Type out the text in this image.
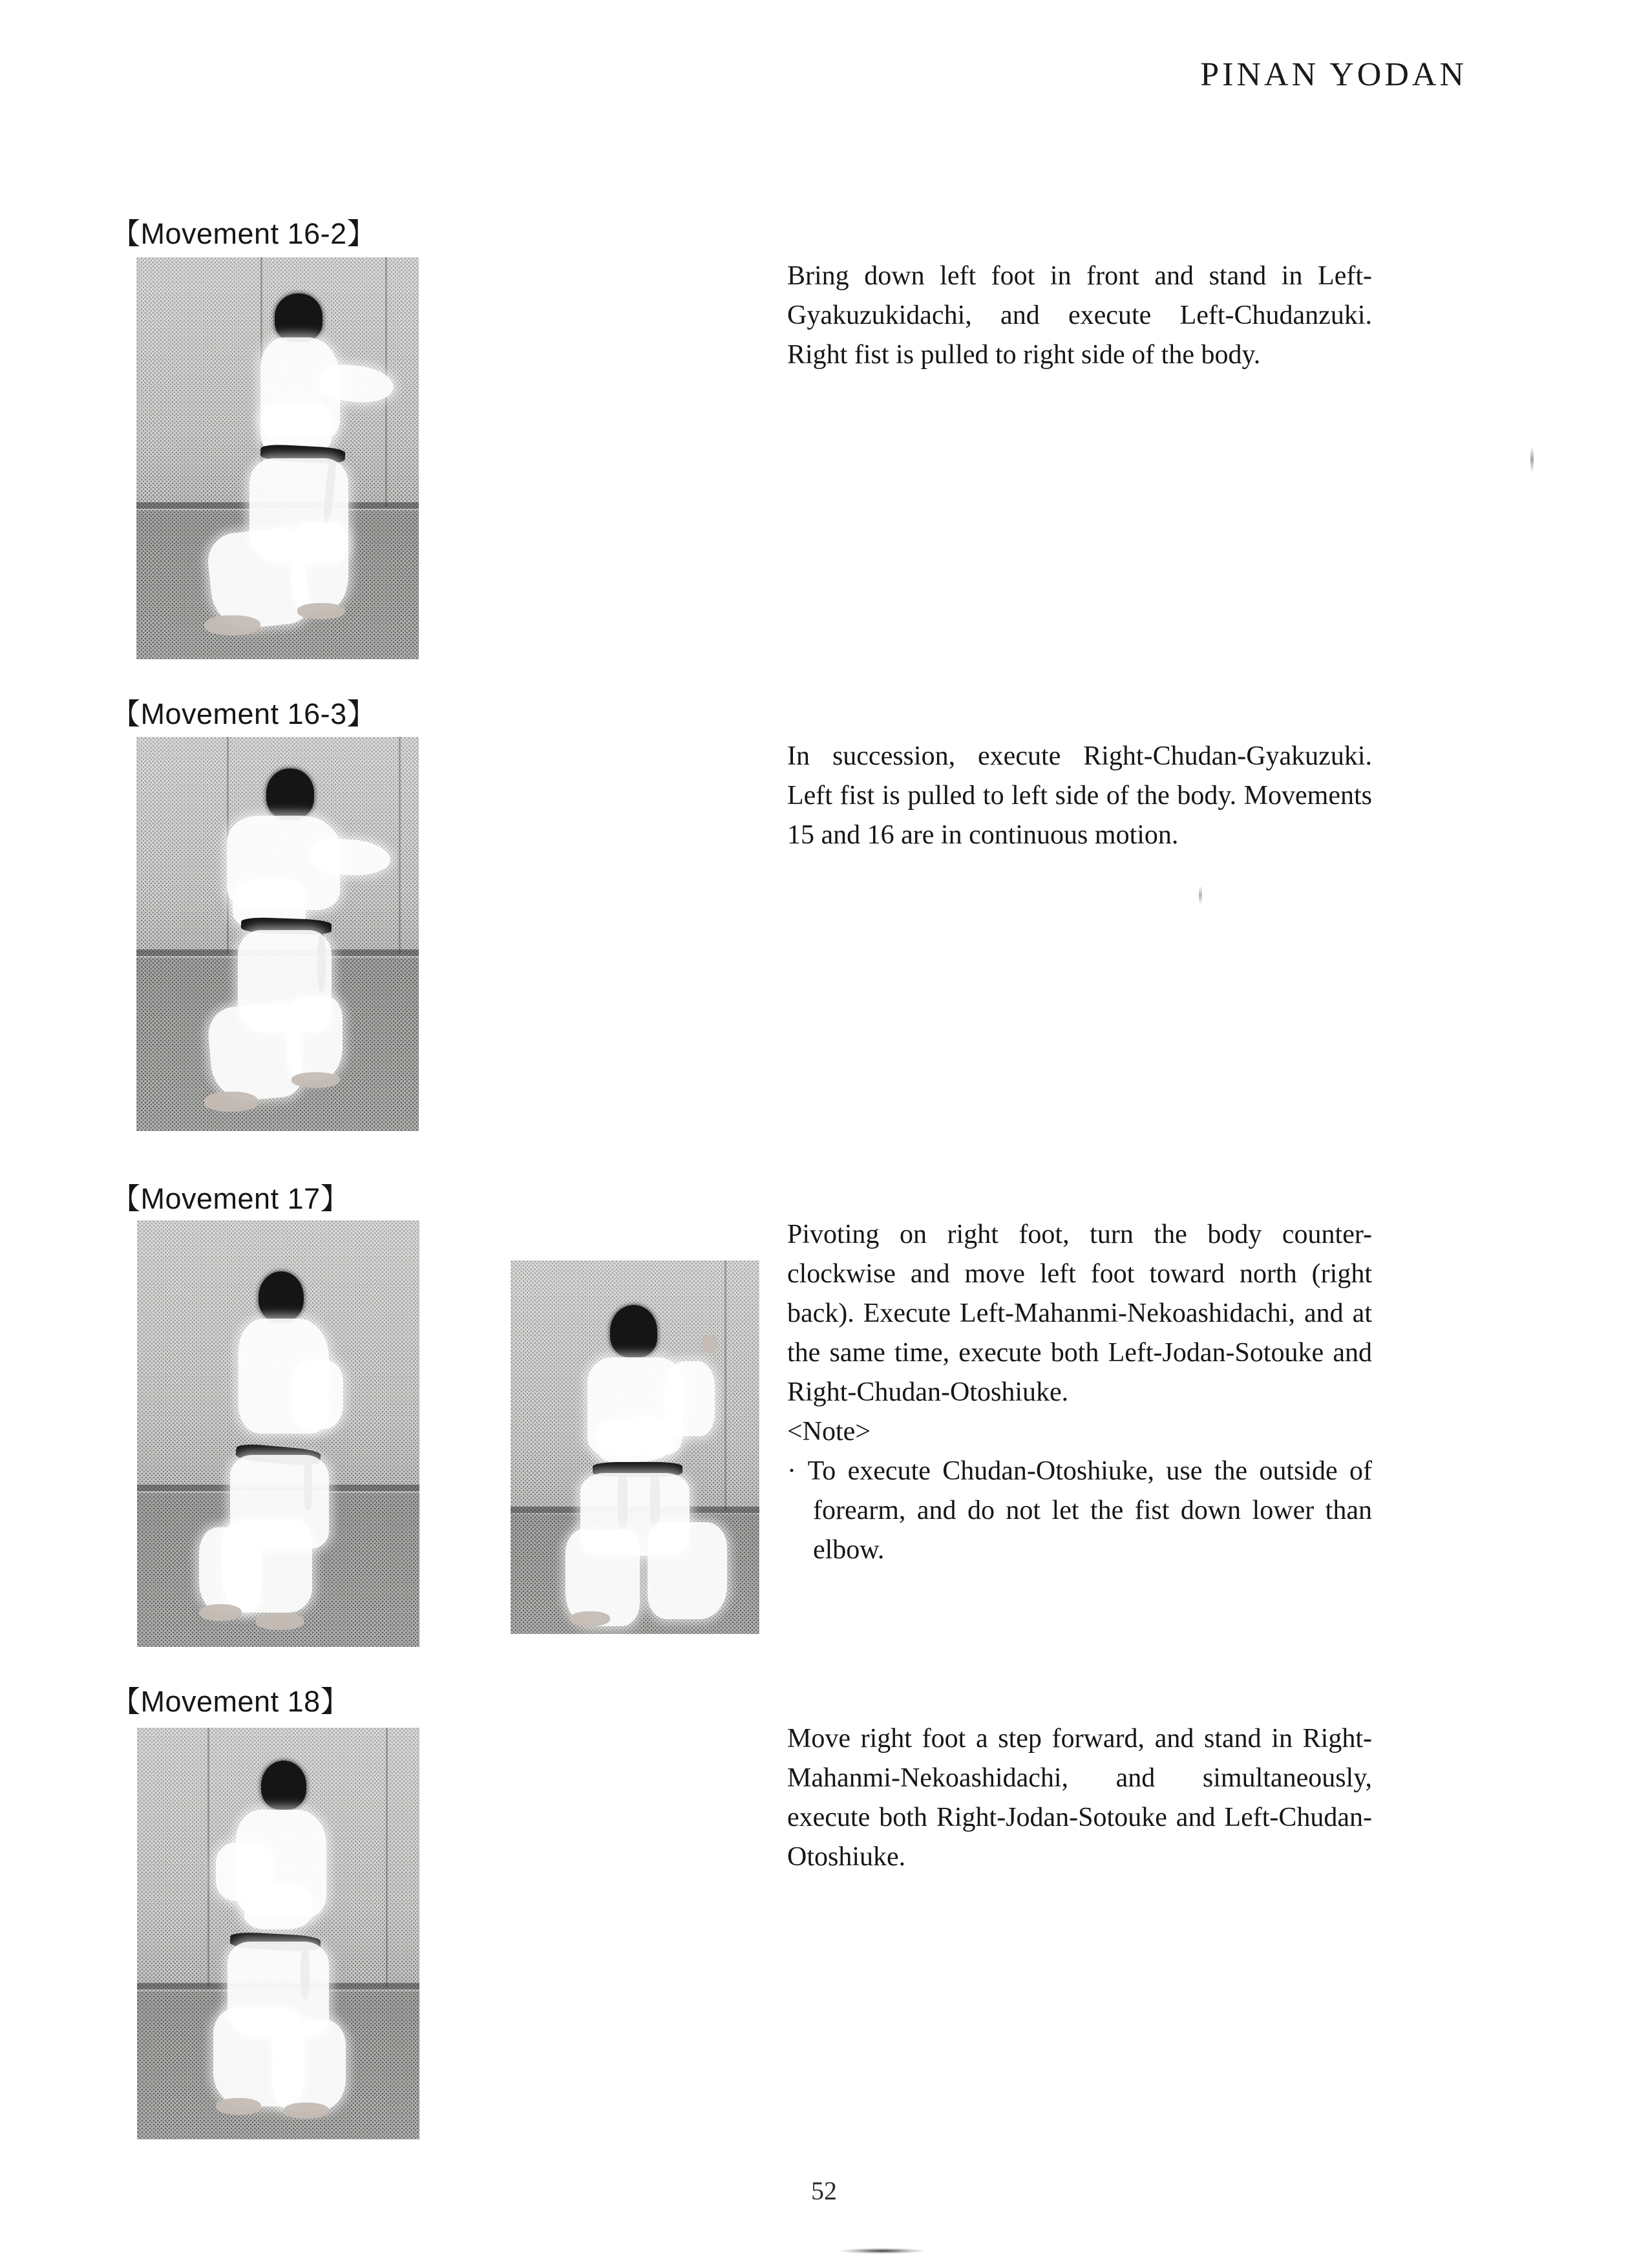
PINAN YODAN
【Movement 16-2】

Bring down left foot in front and stand in Left-Gyakuzukidachi, and execute Left-Chudanzuki. Right fist is pulled to right side of the body.

【Movement 16-3】

In succession, execute Right-Chudan-Gyakuzuki. Left fist is pulled to left side of the body. Movements 15 and 16 are in continuous motion.

【Movement 17】

Pivoting on right foot, turn the body counter-clockwise and move left foot toward north (right back). Execute Left-Mahanmi-Nekoashidachi, and at the same time, execute both Left-Jodan-Sotouke and Right-Chudan-Otoshiuke.

<Note>

· To execute Chudan-Otoshiuke, use the outside of forearm, and do not let the fist down lower than elbow.

【Movement 18】

Move right foot a step forward, and stand in Right-Mahanmi-Nekoashidachi, and simultaneously, execute both Right-Jodan-Sotouke and Left-Chudan-Otoshiuke.

52
